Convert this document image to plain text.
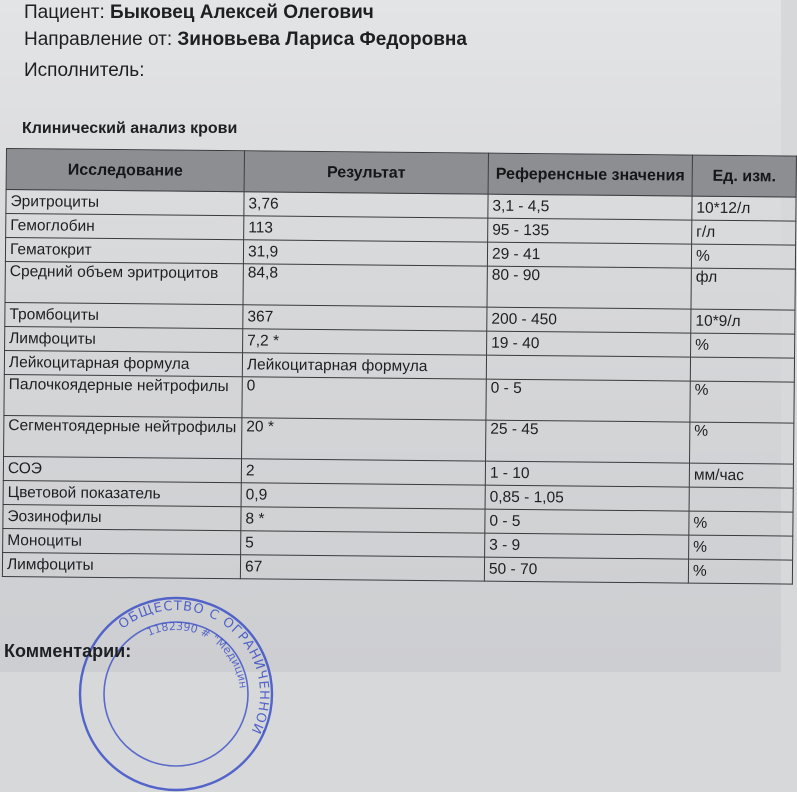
Пациент: Быковец Алексей Олегович
Направление от: Зиновьева Лариса Федоровна
Исполнитель:
Клинический анализ крови
Исследование	Результат	Референсные значения	Ед. изм.
Эритроциты	3,76	3,1 - 4,5	10*12/л
Гемоглобин	113	95 - 135	г/л
Гематокрит	31,9	29 - 41	%
Средний объем эритроцитов	84,8	80 - 90	фл
Тромбоциты	367	200 - 450	10*9/л
Лимфоциты	7,2 *	19 - 40	%
Лейкоцитарная формула	Лейкоцитарная формула		
Палочкоядерные нейтрофилы	0	0 - 5	%
Сегментоядерные нейтрофилы	20 *	25 - 45	%
СОЭ	2	1 - 10	мм/час
Цветовой показатель	0,9	0,85 - 1,05	
Эозинофилы	8 *	0 - 5	%
Моноциты	5	3 - 9	%
Лимфоциты	67	50 - 70	%
ОБЩЕСТВО С ОГРАНИЧЕННОЙ
1182390 # "Медицин
Комментарии:
